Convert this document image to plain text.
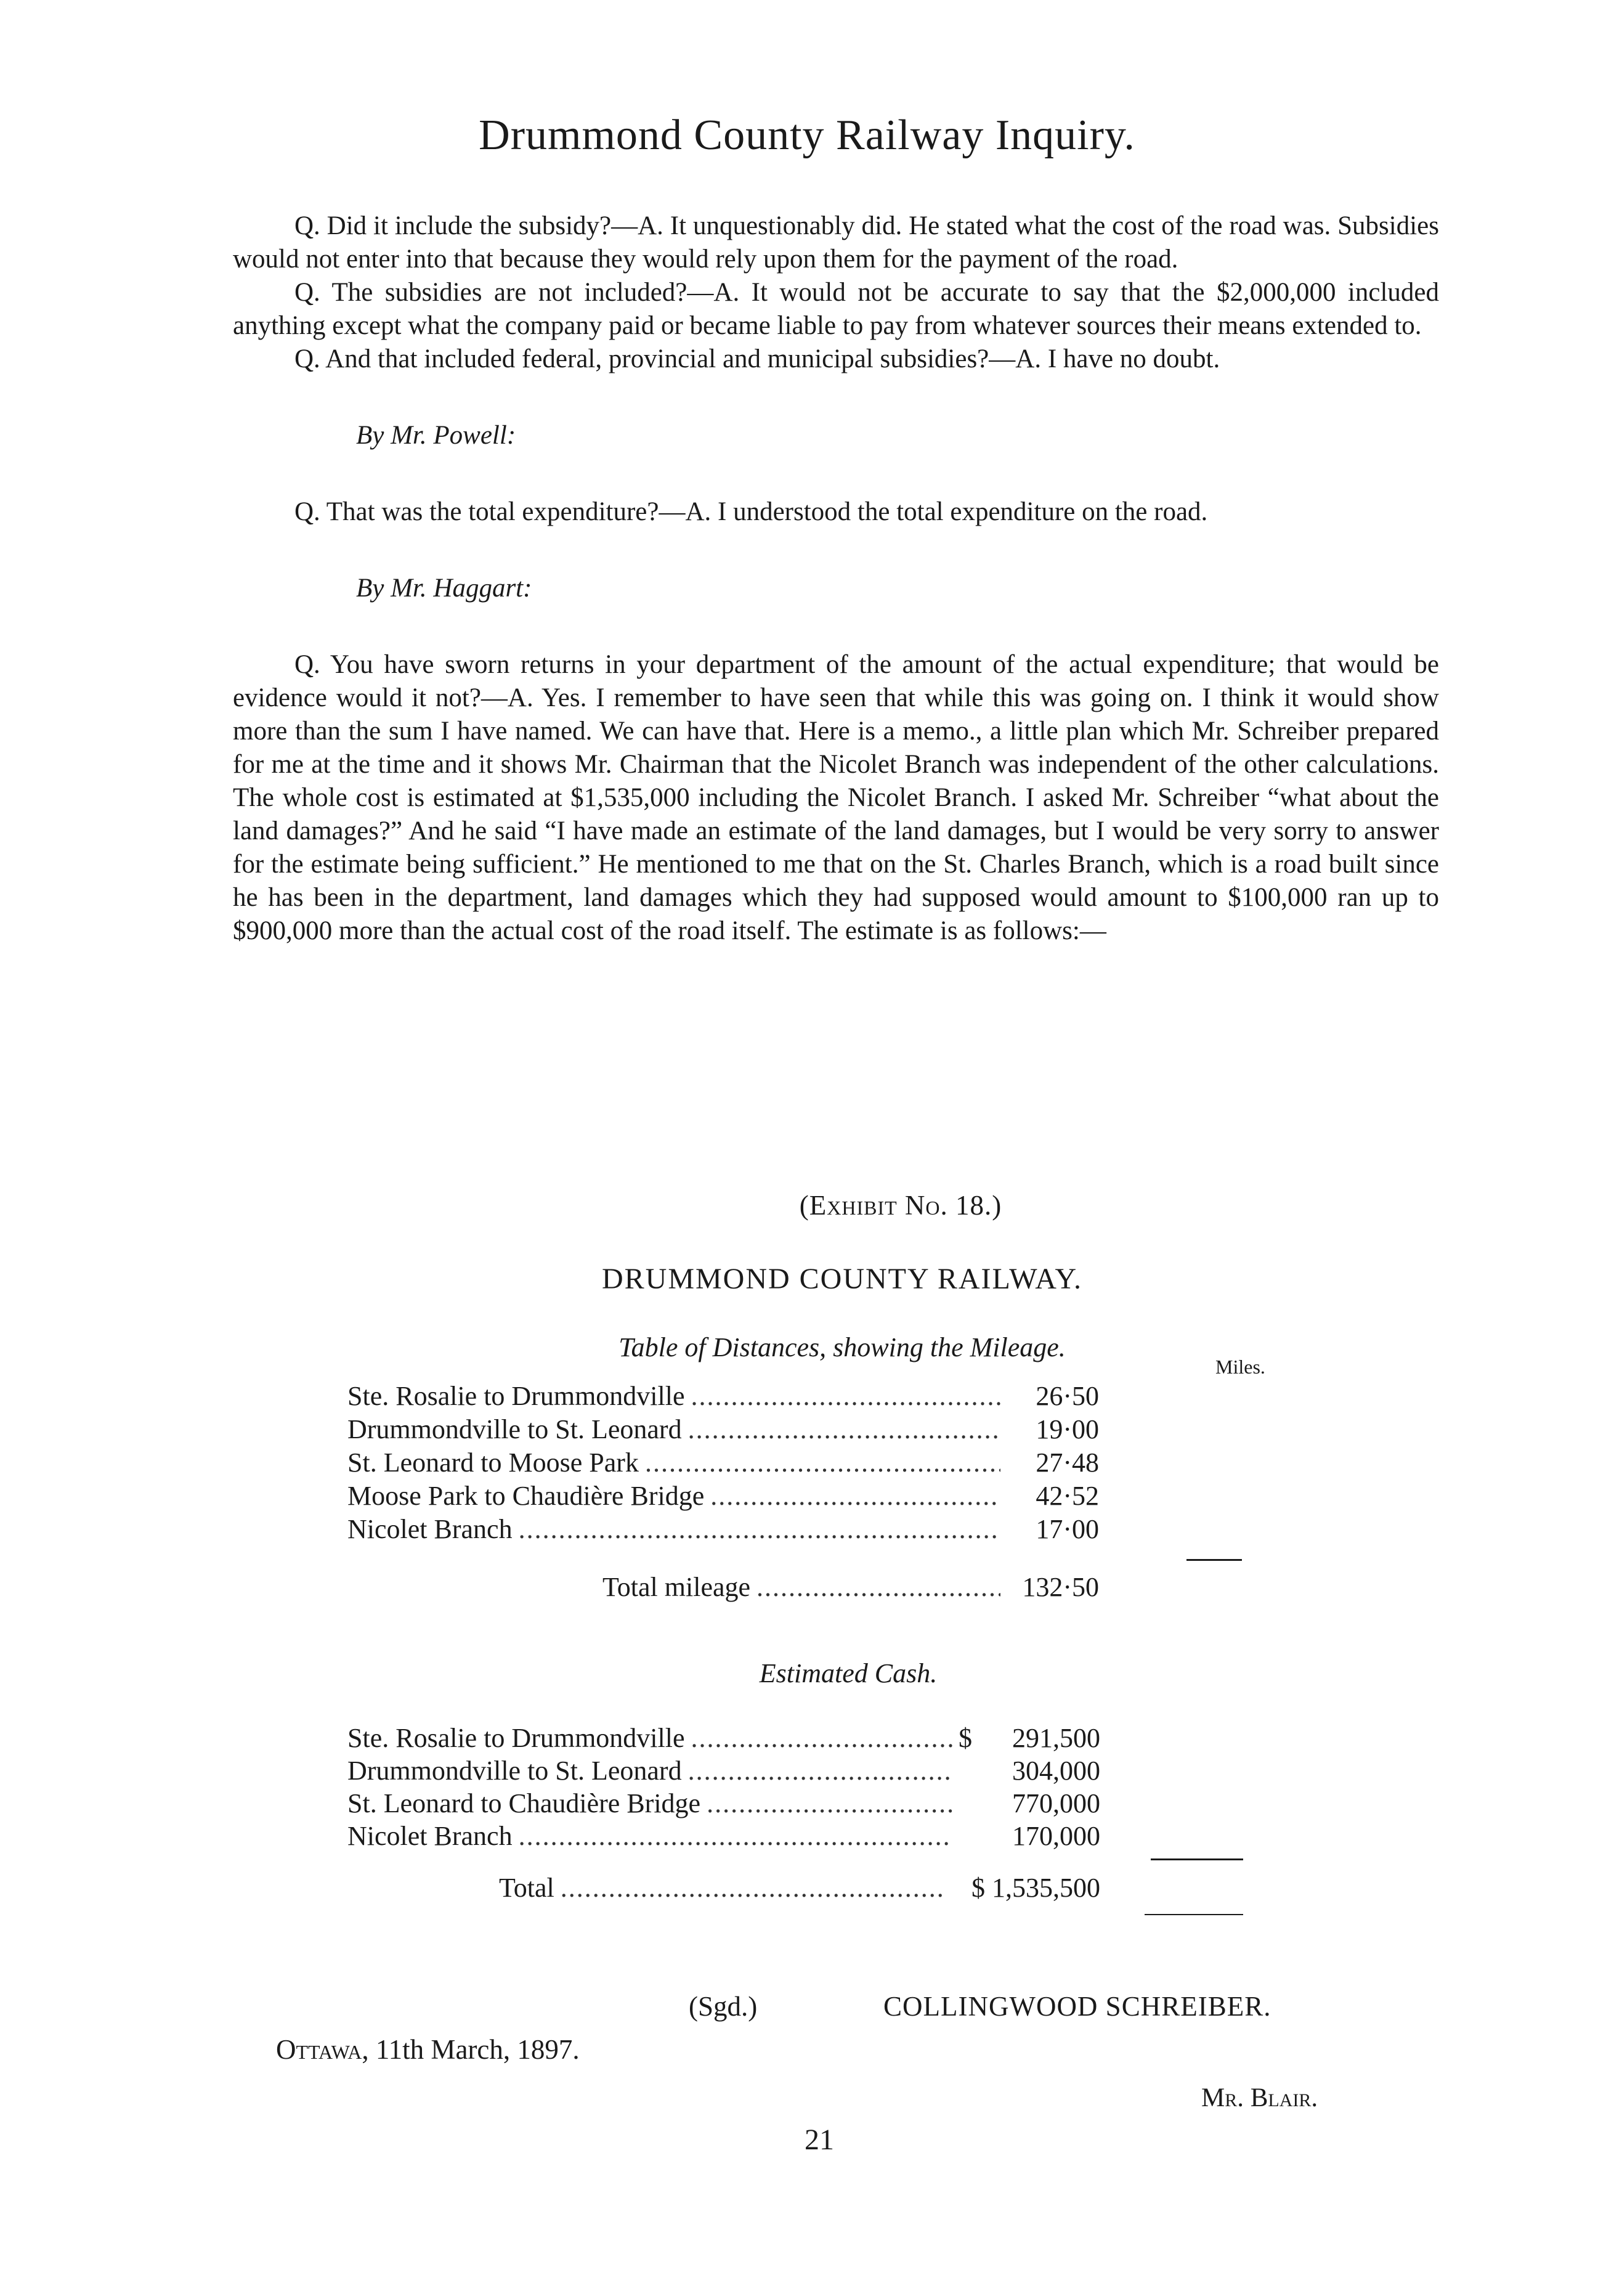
Drummond County Railway Inquiry.

Q. Did it include the subsidy?—A. It unquestionably did. He stated what the cost of the road was. Subsidies would not enter into that because they would rely upon them for the payment of the road.

Q. The subsidies are not included?—A. It would not be accurate to say that the $2,000,000 included anything except what the company paid or became liable to pay from whatever sources their means extended to.

Q. And that included federal, provincial and municipal subsidies?—A. I have no doubt.

By Mr. Powell:

Q. That was the total expenditure?—A. I understood the total expenditure on the road.

By Mr. Haggart:

Q. You have sworn returns in your department of the amount of the actual expenditure; that would be evidence would it not?—A. Yes. I remember to have seen that while this was going on. I think it would show more than the sum I have named. We can have that. Here is a memo., a little plan which Mr. Schreiber prepared for me at the time and it shows Mr. Chairman that the Nicolet Branch was independent of the other calculations. The whole cost is estimated at $1,535,000 including the Nicolet Branch. I asked Mr. Schreiber “what about the land damages?” And he said “I have made an estimate of the land damages, but I would be very sorry to answer for the estimate being sufficient.” He mentioned to me that on the St. Charles Branch, which is a road built since he has been in the department, land damages which they had supposed would amount to $100,000 ran up to $900,000 more than the actual cost of the road itself. The estimate is as follows:—

(Exhibit No. 18.)
DRUMMOND COUNTY RAILWAY.
Table of Distances, showing the Mileage.
Miles.
Ste. Rosalie to Drummondville .....	26·50
Drummondville to St. Leonard .....	19·00
St. Leonard to Moose Park .....	27·48
Moose Park to Chaudière Bridge .....	42·52
Nicolet Branch .....	17·00
Total mileage .....	132·50
Estimated Cash.
Ste. Rosalie to Drummondville .....	$	291,500
Drummondville to St. Leonard .....	304,000
St. Leonard to Chaudière Bridge .....	770,000
Nicolet Branch .....	170,000
Total .....	$ 1,535,500
(Sgd.)	COLLINGWOOD SCHREIBER.
Ottawa, 11th March, 1897.
Mr. Blair.
21
